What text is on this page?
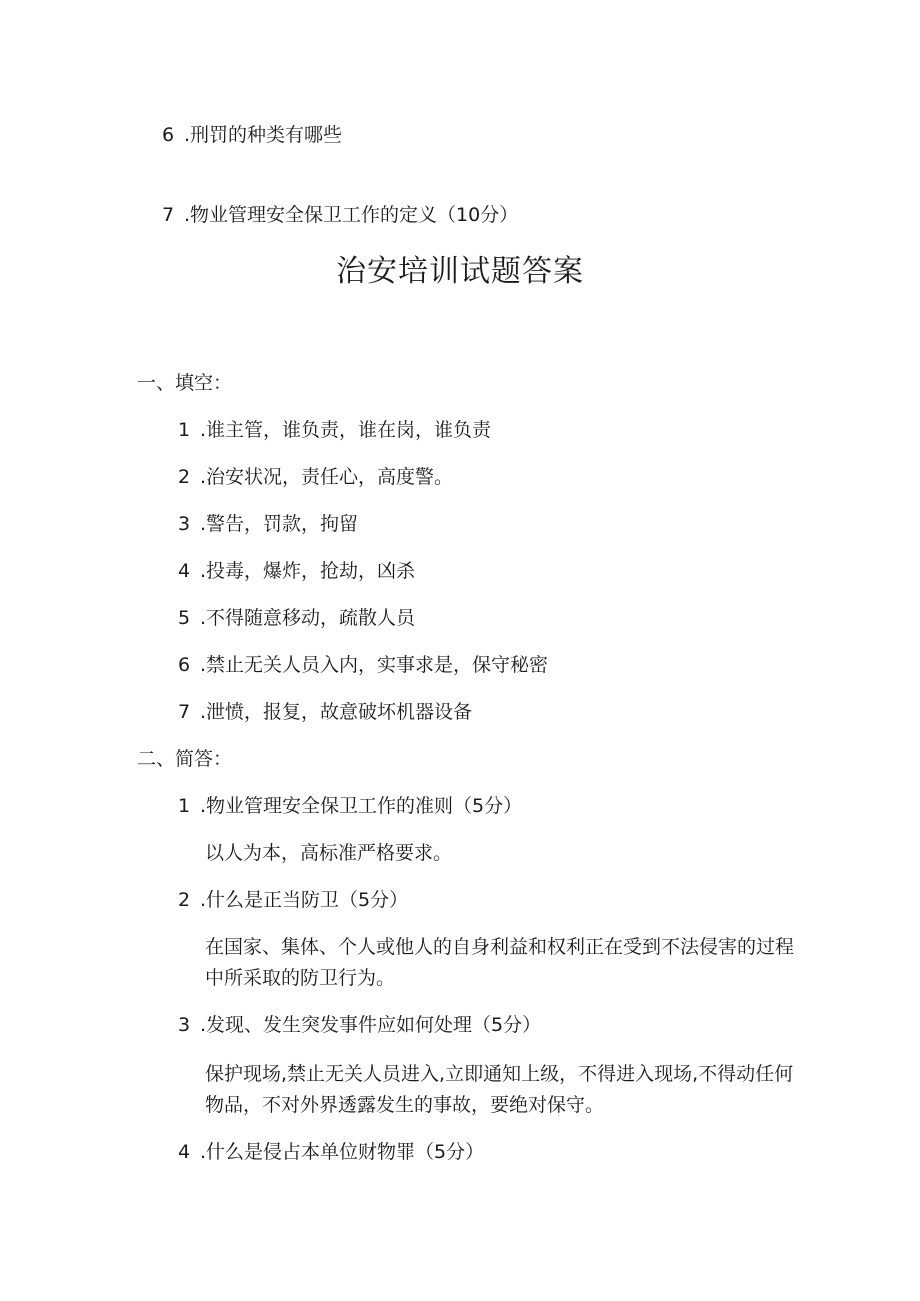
6 .刑罚的种类有哪些
7 .物业管理安全保卫工作的定义（10分）
治安培训试题答案
一、填空：
1 .谁主管，谁负责，谁在岗，谁负责
2 .治安状况，责任心，高度警。
3 .警告，罚款，拘留
4 .投毒，爆炸，抢劫，凶杀
5 .不得随意移动，疏散人员
6 .禁止无关人员入内，实事求是，保守秘密
7 .泄愤，报复，故意破坏机器设备
二、简答：
1 .物业管理安全保卫工作的准则（5分）
以人为本，高标准严格要求。
2 .什么是正当防卫（5分）
在国家、集体、个人或他人的自身利益和权利正在受到不法侵害的过程
中所采取的防卫行为。
3 .发现、发生突发事件应如何处理（5分）
保护现场,禁止无关人员进入,立即通知上级，不得进入现场,不得动任何
物品，不对外界透露发生的事故，要绝对保守。
4 .什么是侵占本单位财物罪（5分）
